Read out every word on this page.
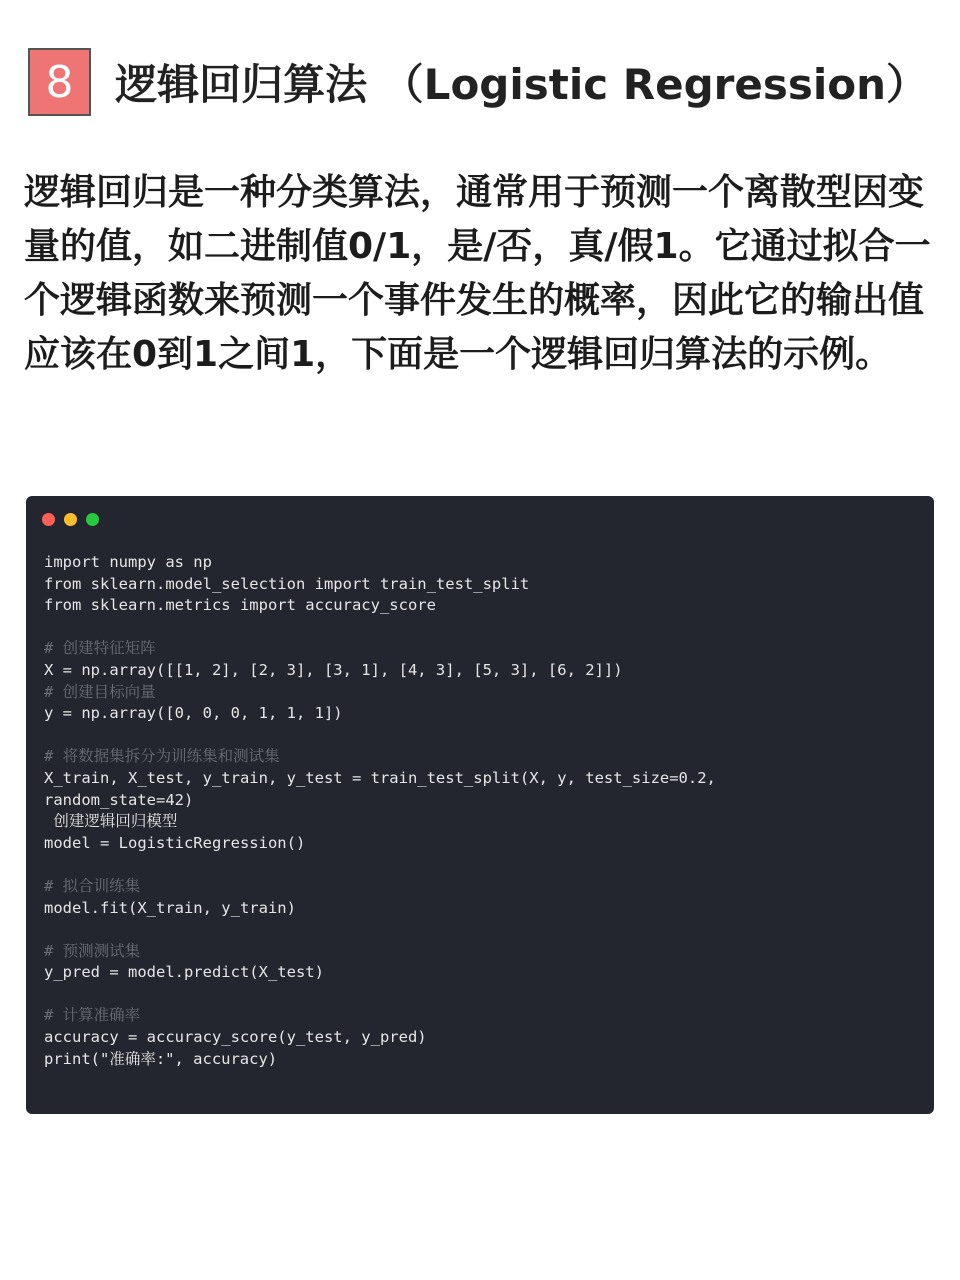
8 逻辑回归算法 （Logistic Regression）

逻辑回归是一种分类算法，通常用于预测一个离散型因变量的值，如二进制值0/1，是/否，真/假1。它通过拟合一个逻辑函数来预测一个事件发生的概率，因此它的输出值应该在0到1之间1，下面是一个逻辑回归算法的示例。

import numpy as np
from sklearn.model_selection import train_test_split
from sklearn.metrics import accuracy_score
# 创建特征矩阵
X = np.array([[1, 2], [2, 3], [3, 1], [4, 3], [5, 3], [6, 2]])
# 创建目标向量
y = np.array([0, 0, 0, 1, 1, 1])
# 将数据集拆分为训练集和测试集
X_train, X_test, y_train, y_test = train_test_split(X, y, test_size=0.2,
random_state=42)
创建逻辑回归模型
model = LogisticRegression()
# 拟合训练集
model.fit(X_train, y_train)
# 预测测试集
y_pred = model.predict(X_test)
# 计算准确率
accuracy = accuracy_score(y_test, y_pred)
print("准确率:", accuracy)
